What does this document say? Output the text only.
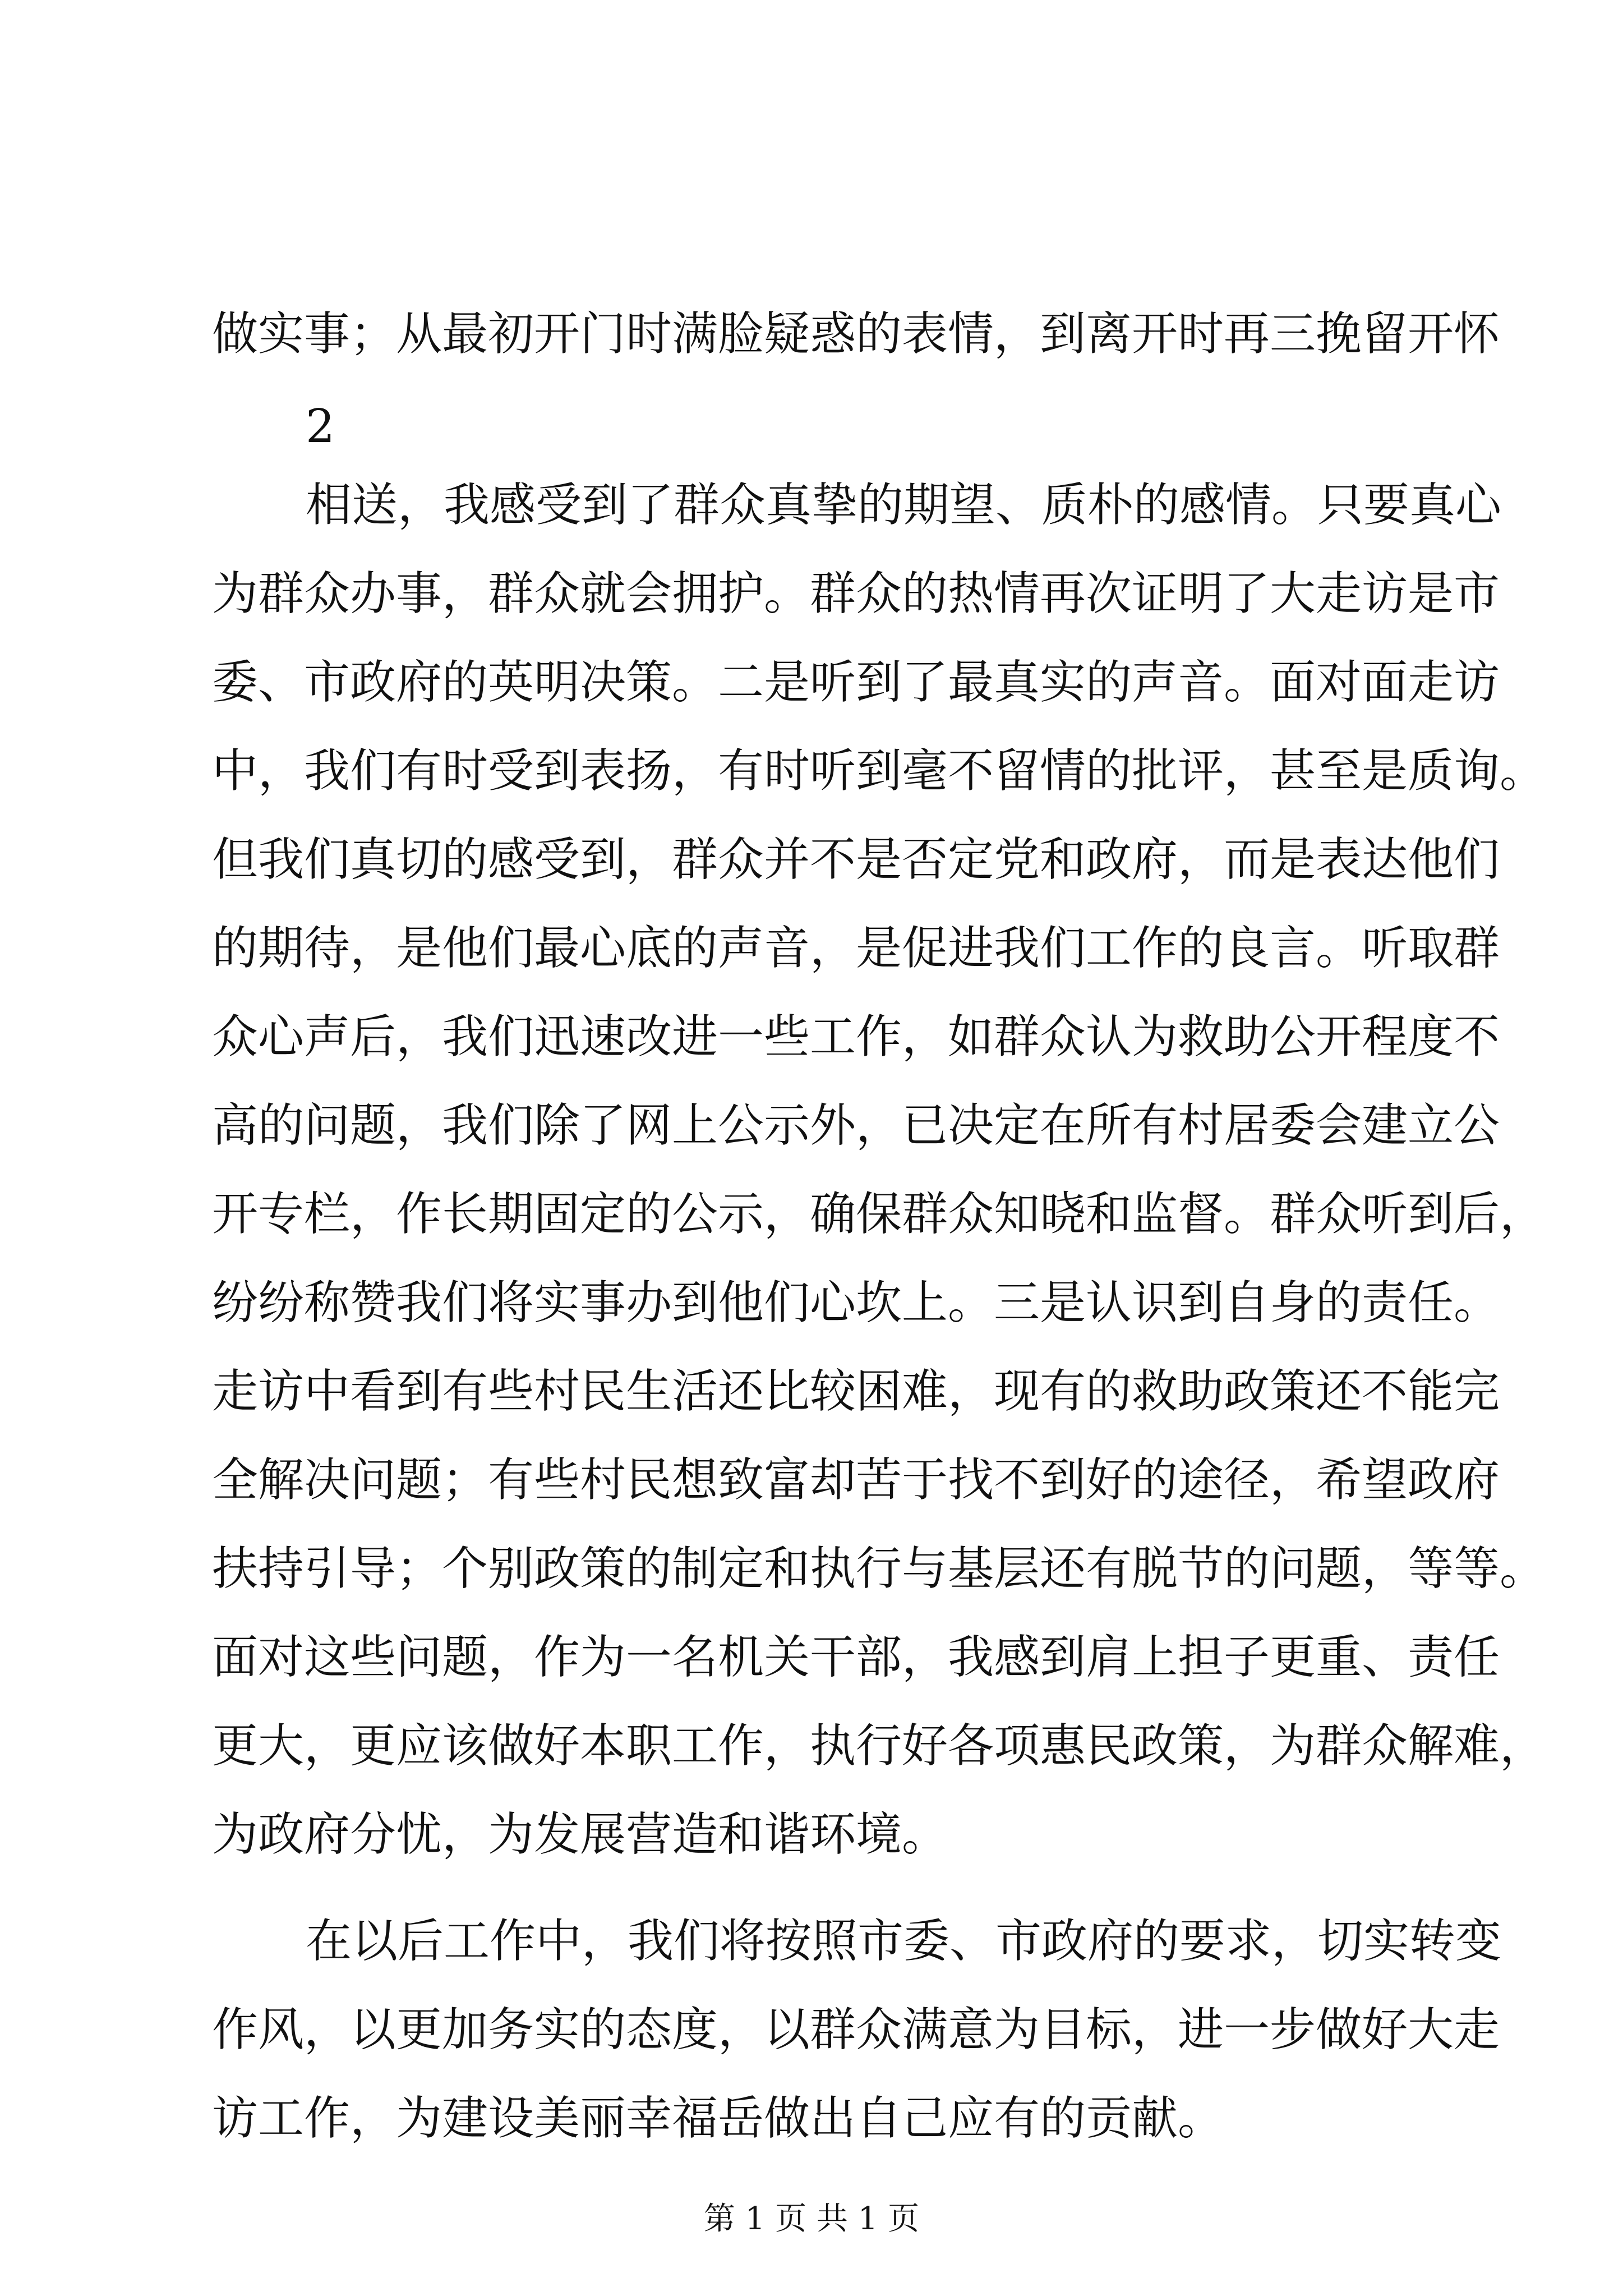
做实事；从最初开门时满脸疑惑的表情，到离开时再三挽留开怀
2
相送，我感受到了群众真挚的期望、质朴的感情。只要真心
为群众办事，群众就会拥护。群众的热情再次证明了大走访是市
委、市政府的英明决策。二是听到了最真实的声音。面对面走访
中，我们有时受到表扬，有时听到毫不留情的批评，甚至是质询。
但我们真切的感受到，群众并不是否定党和政府，而是表达他们
的期待，是他们最心底的声音，是促进我们工作的良言。听取群
众心声后，我们迅速改进一些工作，如群众认为救助公开程度不
高的问题，我们除了网上公示外，已决定在所有村居委会建立公
开专栏，作长期固定的公示，确保群众知晓和监督。群众听到后，
纷纷称赞我们将实事办到他们心坎上。三是认识到自身的责任。
走访中看到有些村民生活还比较困难，现有的救助政策还不能完
全解决问题；有些村民想致富却苦于找不到好的途径，希望政府
扶持引导；个别政策的制定和执行与基层还有脱节的问题，等等。
面对这些问题，作为一名机关干部，我感到肩上担子更重、责任
更大，更应该做好本职工作，执行好各项惠民政策，为群众解难，
为政府分忧，为发展营造和谐环境。
在以后工作中，我们将按照市委、市政府的要求，切实转变
作风，以更加务实的态度，以群众满意为目标，进一步做好大走
访工作，为建设美丽幸福岳做出自己应有的贡献。
第 1 页 共 1 页
